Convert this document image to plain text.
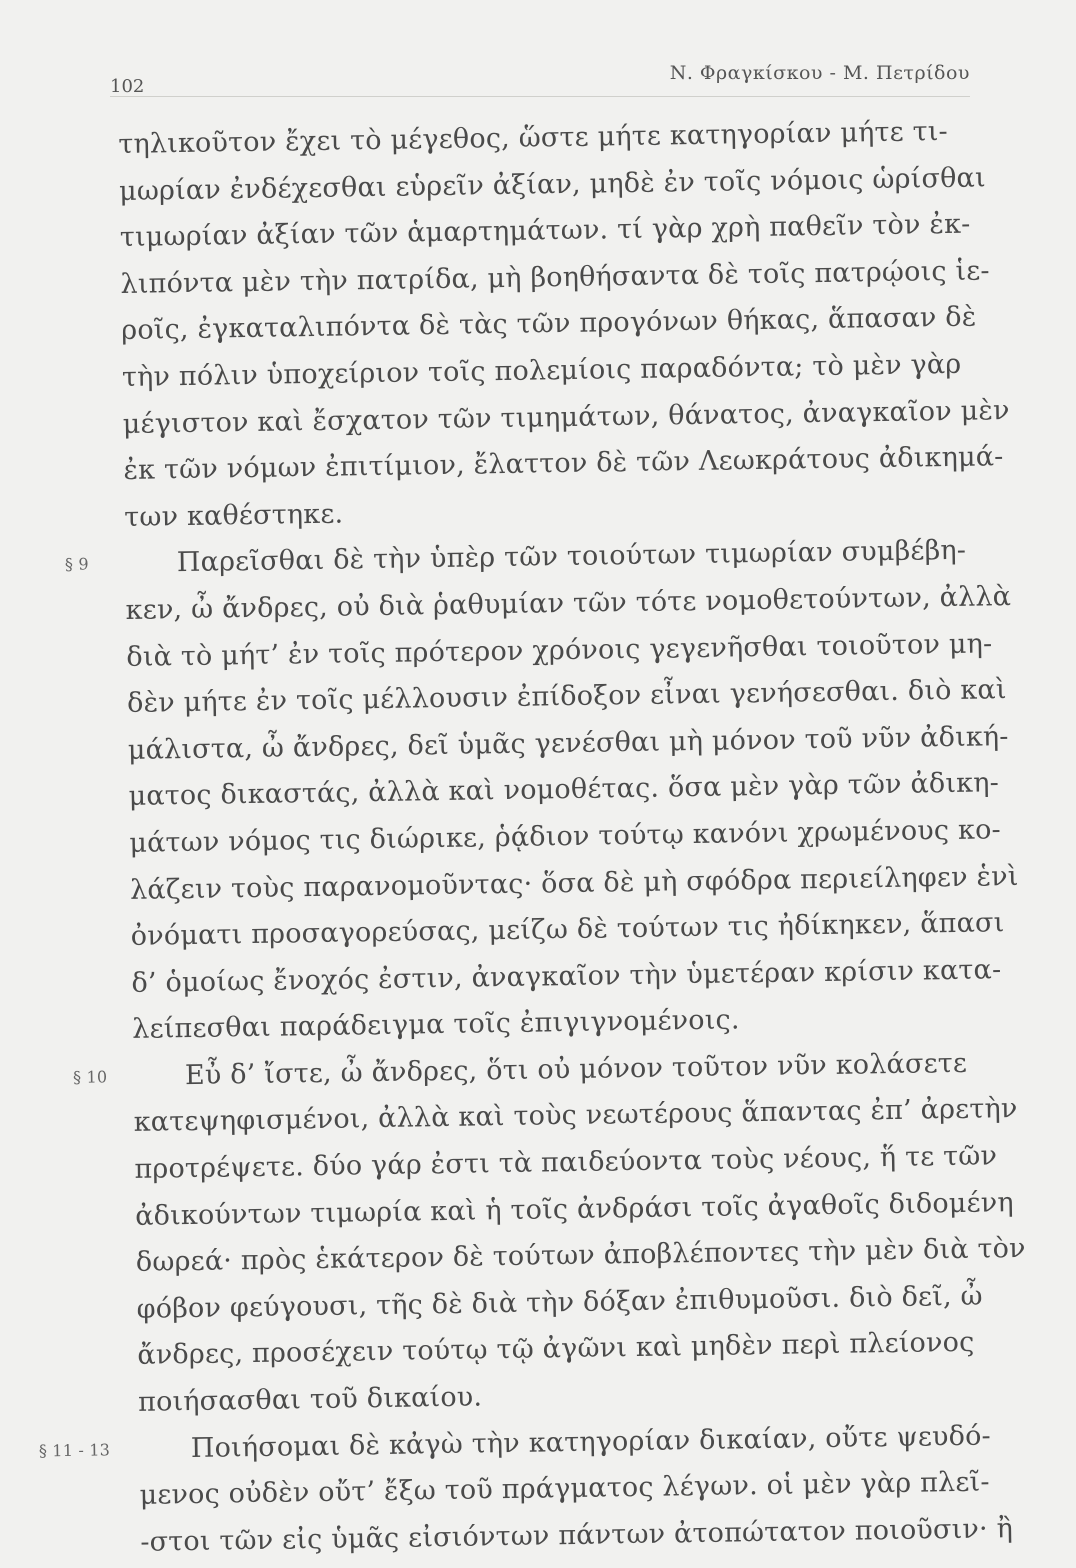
102
Ν. Φραγκίσκου - Μ. Πετρίδου
τηλικοῦτον ἔχει τὸ μέγεθος, ὥστε μήτε κατηγορίαν μήτε τι-
μωρίαν ἐνδέχεσθαι εὑρεῖν ἀξίαν, μηδὲ ἐν τοῖς νόμοις ὡρίσθαι
τιμωρίαν ἀξίαν τῶν ἁμαρτημάτων. τί γὰρ χρὴ παθεῖν τὸν ἐκ-
λιπόντα μὲν τὴν πατρίδα, μὴ βοηθήσαντα δὲ τοῖς πατρῴοις ἱε-
ροῖς, ἐγκαταλιπόντα δὲ τὰς τῶν προγόνων θήκας, ἅπασαν δὲ
τὴν πόλιν ὑποχείριον τοῖς πολεμίοις παραδόντα; τὸ μὲν γὰρ
μέγιστον καὶ ἔσχατον τῶν τιμημάτων, θάνατος, ἀναγκαῖον μὲν
ἐκ τῶν νόμων ἐπιτίμιον, ἔλαττον δὲ τῶν Λεωκράτους ἀδικημά-
των καθέστηκε.
§ 9	Παρεῖσθαι δὲ τὴν ὑπὲρ τῶν τοιούτων τιμωρίαν συμβέβη-
κεν, ὦ ἄνδρες, οὐ διὰ ῥαθυμίαν τῶν τότε νομοθετούντων, ἀλλὰ
διὰ τὸ μήτ’ ἐν τοῖς πρότερον χρόνοις γεγενῆσθαι τοιοῦτον μη-
δὲν μήτε ἐν τοῖς μέλλουσιν ἐπίδοξον εἶναι γενήσεσθαι. διὸ καὶ
μάλιστα, ὦ ἄνδρες, δεῖ ὑμᾶς γενέσθαι μὴ μόνον τοῦ νῦν ἀδική-
ματος δικαστάς, ἀλλὰ καὶ νομοθέτας. ὅσα μὲν γὰρ τῶν ἀδικη-
μάτων νόμος τις διώρικε, ῥᾴδιον τούτῳ κανόνι χρωμένους κο-
λάζειν τοὺς παρανομοῦντας· ὅσα δὲ μὴ σφόδρα περιείληφεν ἑνὶ
ὀνόματι προσαγορεύσας, μείζω δὲ τούτων τις ἠδίκηκεν, ἅπασι
δ’ ὁμοίως ἔνοχός ἐστιν, ἀναγκαῖον τὴν ὑμετέραν κρίσιν κατα-
λείπεσθαι παράδειγμα τοῖς ἐπιγιγνομένοις.
§ 10	Εὖ δ’ ἴστε, ὦ ἄνδρες, ὅτι οὐ μόνον τοῦτον νῦν κολάσετε
κατεψηφισμένοι, ἀλλὰ καὶ τοὺς νεωτέρους ἅπαντας ἐπ’ ἀρετὴν
προτρέψετε. δύο γάρ ἐστι τὰ παιδεύοντα τοὺς νέους, ἥ τε τῶν
ἀδικούντων τιμωρία καὶ ἡ τοῖς ἀνδράσι τοῖς ἀγαθοῖς διδομένη
δωρεά· πρὸς ἑκάτερον δὲ τούτων ἀποβλέποντες τὴν μὲν διὰ τὸν
φόβον φεύγουσι, τῆς δὲ διὰ τὴν δόξαν ἐπιθυμοῦσι. διὸ δεῖ, ὦ
ἄνδρες, προσέχειν τούτῳ τῷ ἀγῶνι καὶ μηδὲν περὶ πλείονος
ποιήσασθαι τοῦ δικαίου.
§ 11 - 13	Ποιήσομαι δὲ κἀγὼ τὴν κατηγορίαν δικαίαν, οὔτε ψευδό-
μενος οὐδὲν οὔτ’ ἔξω τοῦ πράγματος λέγων. οἱ μὲν γὰρ πλεῖ-
-στοι τῶν εἰς ὑμᾶς εἰσιόντων πάντων ἀτοπώτατον ποιοῦσιν· ἢ
